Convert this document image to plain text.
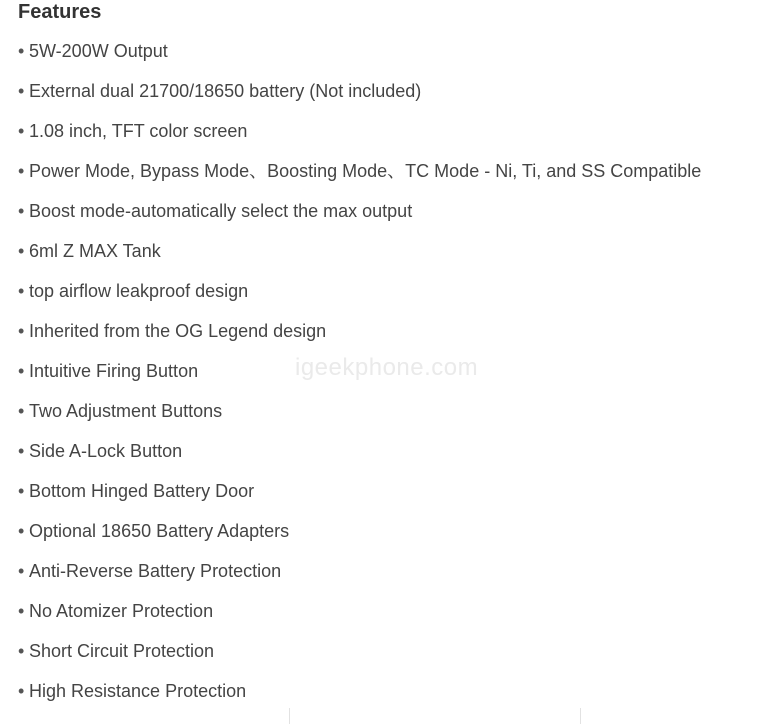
Features
• 5W-200W Output
• External dual 21700/18650 battery (Not included)
• 1.08 inch, TFT color screen
• Power Mode, Bypass Mode、Boosting Mode、TC Mode - Ni, Ti, and SS Compatible
• Boost mode-automatically select the max output
• 6ml Z MAX Tank
• top airflow leakproof design
• Inherited from the OG Legend design
• Intuitive Firing Button
• Two Adjustment Buttons
• Side A-Lock Button
• Bottom Hinged Battery Door
• Optional 18650 Battery Adapters
• Anti-Reverse Battery Protection
• No Atomizer Protection
• Short Circuit Protection
• High Resistance Protection
igeekphone.com
